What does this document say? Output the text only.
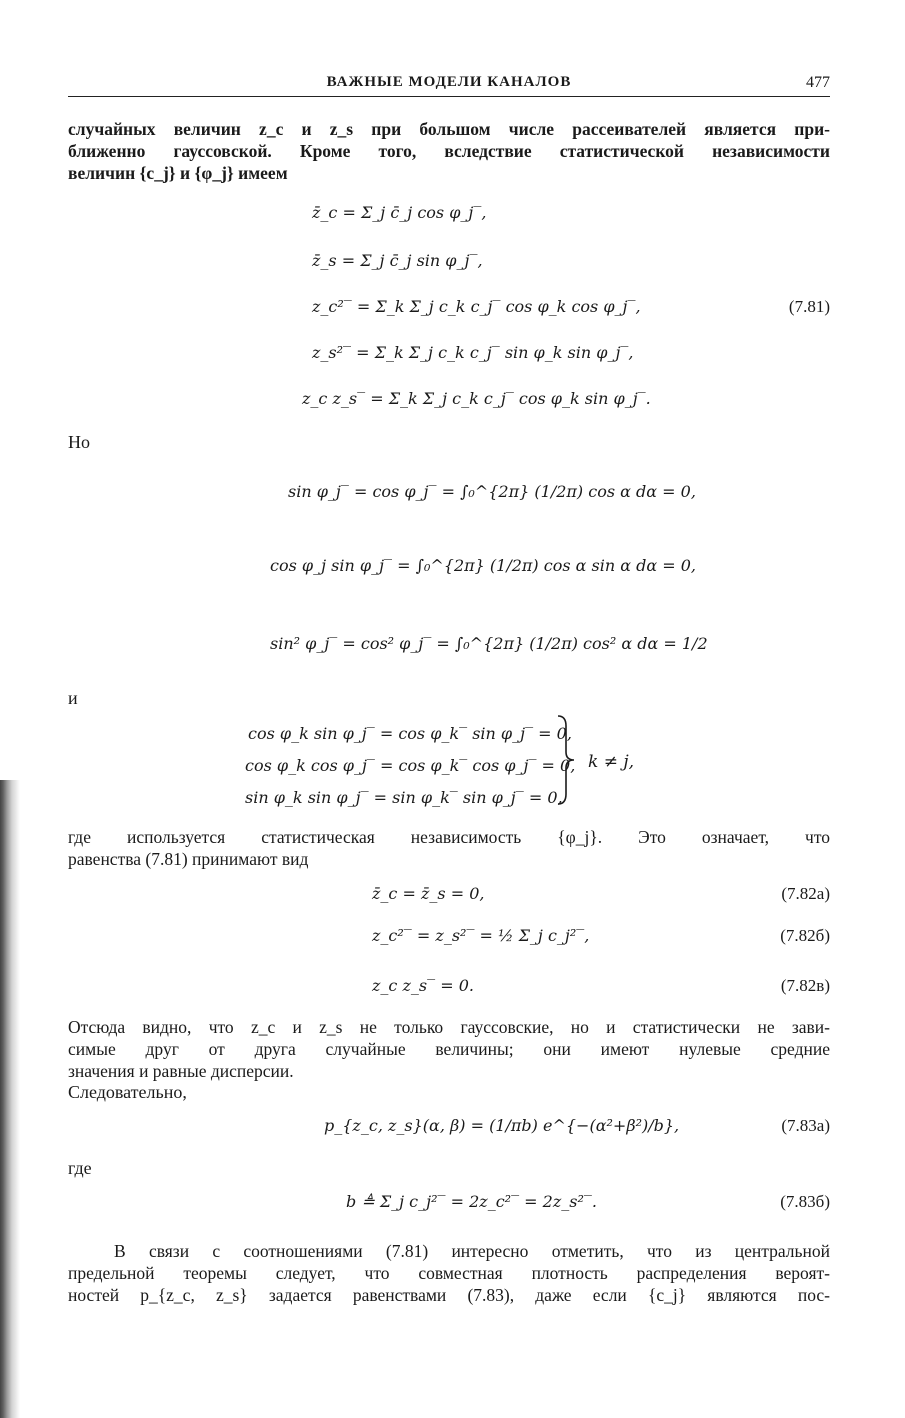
ВАЖНЫЕ МОДЕЛИ КАНАЛОВ	477

случайных величин z_c и z_s при большом числе рассеивателей является при-
ближенно гауссовской. Кроме того, вследствие статистической независимости
величин {c_j} и {φ_j} имеем

z̄_c = Σ_j c̄_j cos φ_j‾,
z̄_s = Σ_j c̄_j sin φ_j‾,
z_c²‾ = Σ_k Σ_j c_k c_j‾ cos φ_k cos φ_j‾,
z_s²‾ = Σ_k Σ_j c_k c_j‾ sin φ_k sin φ_j‾,
z_c z_s‾ = Σ_k Σ_j c_k c_j‾ cos φ_k sin φ_j‾.
(7.81)
Но
sin φ_j‾ = cos φ_j‾ = ∫₀^{2π} (1/2π) cos α dα = 0,
cos φ_j sin φ_j‾ = ∫₀^{2π} (1/2π) cos α sin α dα = 0,
sin² φ_j‾ = cos² φ_j‾ = ∫₀^{2π} (1/2π) cos² α dα = 1/2
и
cos φ_k sin φ_j‾ = cos φ_k‾ sin φ_j‾ = 0,
cos φ_k cos φ_j‾ = cos φ_k‾ cos φ_j‾ = 0,
sin φ_k sin φ_j‾ = sin φ_k‾ sin φ_j‾ = 0,
k ≠ j,

где используется статистическая независимость {φ_j}. Это означает, что
равенства (7.81) принимают вид

z̄_c = z̄_s = 0,	(7.82а)
z_c²‾ = z_s²‾ = ½ Σ_j c_j²‾,	(7.82б)
z_c z_s‾ = 0.	(7.82в)

Отсюда видно, что z_c и z_s не только гауссовские, но и статистически не зави-
симые друг от друга случайные величины; они имеют нулевые средние
значения и равные дисперсии.

Следовательно,
p_{z_c, z_s}(α, β) = (1/πb) e^{−(α²+β²)/b},	(7.83а)
где
b ≜ Σ_j c_j²‾ = 2z_c²‾ = 2z_s²‾.	(7.83б)

В связи с соотношениями (7.81) интересно отметить, что из центральной
предельной теоремы следует, что совместная плотность распределения вероят-
ностей p_{z_c, z_s} задается равенствами (7.83), даже если {c_j} являются пос-
